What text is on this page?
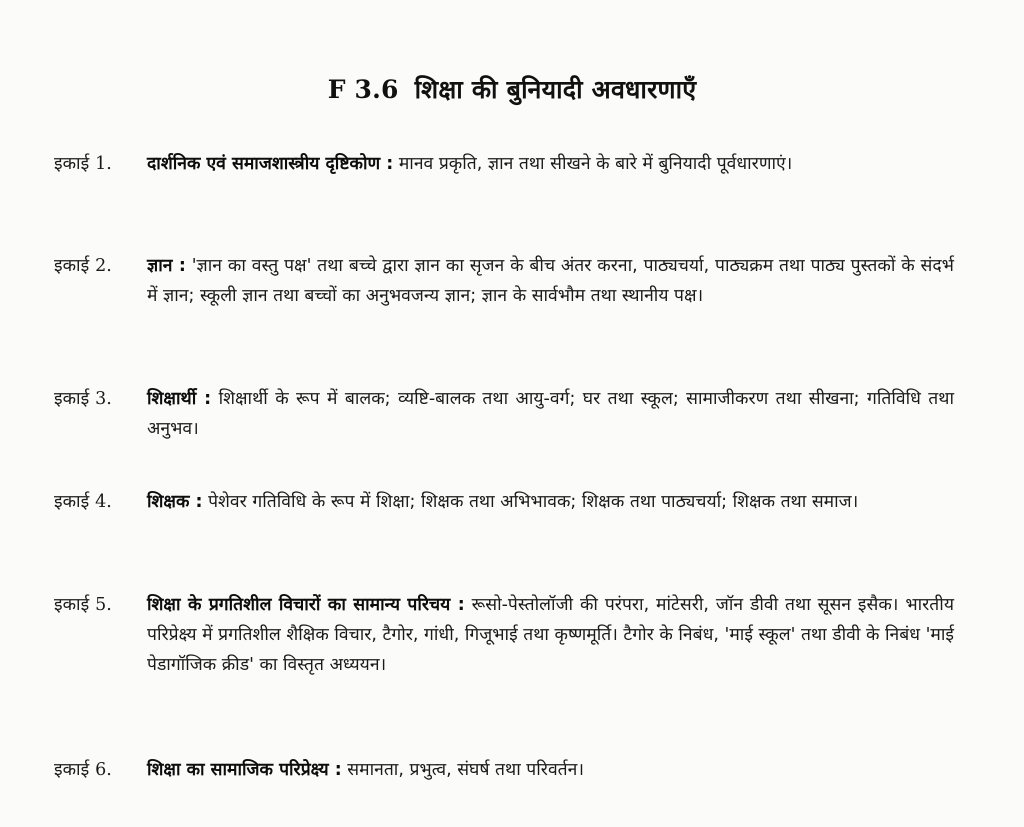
F 3.6 शिक्षा की बुनियादी अवधारणाएँ
इकाई 1.	दार्शनिक एवं समाजशास्त्रीय दृष्टिकोण : मानव प्रकृति, ज्ञान तथा सीखने के बारे में बुनियादी पूर्वधारणाएं।
इकाई 2.	ज्ञान : 'ज्ञान का वस्तु पक्ष' तथा बच्चे द्वारा ज्ञान का सृजन के बीच अंतर करना, पाठ्यचर्या, पाठ्यक्रम तथा पाठ्य पुस्तकों के संदर्भ में ज्ञान; स्कूली ज्ञान तथा बच्चों का अनुभवजन्य ज्ञान; ज्ञान के सार्वभौम तथा स्थानीय पक्ष।
इकाई 3.	शिक्षार्थी : शिक्षार्थी के रूप में बालक; व्यष्टि-बालक तथा आयु-वर्ग; घर तथा स्कूल; सामाजीकरण तथा सीखना; गतिविधि तथा अनुभव।
इकाई 4.	शिक्षक : पेशेवर गतिविधि के रूप में शिक्षा; शिक्षक तथा अभिभावक; शिक्षक तथा पाठ्यचर्या; शिक्षक तथा समाज।
इकाई 5.	शिक्षा के प्रगतिशील विचारों का सामान्य परिचय : रूसो-पेस्तोलॉजी की परंपरा, मांटेसरी, जॉन डीवी तथा सूसन इसैक। भारतीय परिप्रेक्ष्य में प्रगतिशील शैक्षिक विचार, टैगोर, गांधी, गिजूभाई तथा कृष्णमूर्ति। टैगोर के निबंध, 'माई स्कूल' तथा डीवी के निबंध 'माई पेडागॉजिक क्रीड' का विस्तृत अध्ययन।
इकाई 6.	शिक्षा का सामाजिक परिप्रेक्ष्य : समानता, प्रभुत्व, संघर्ष तथा परिवर्तन।
